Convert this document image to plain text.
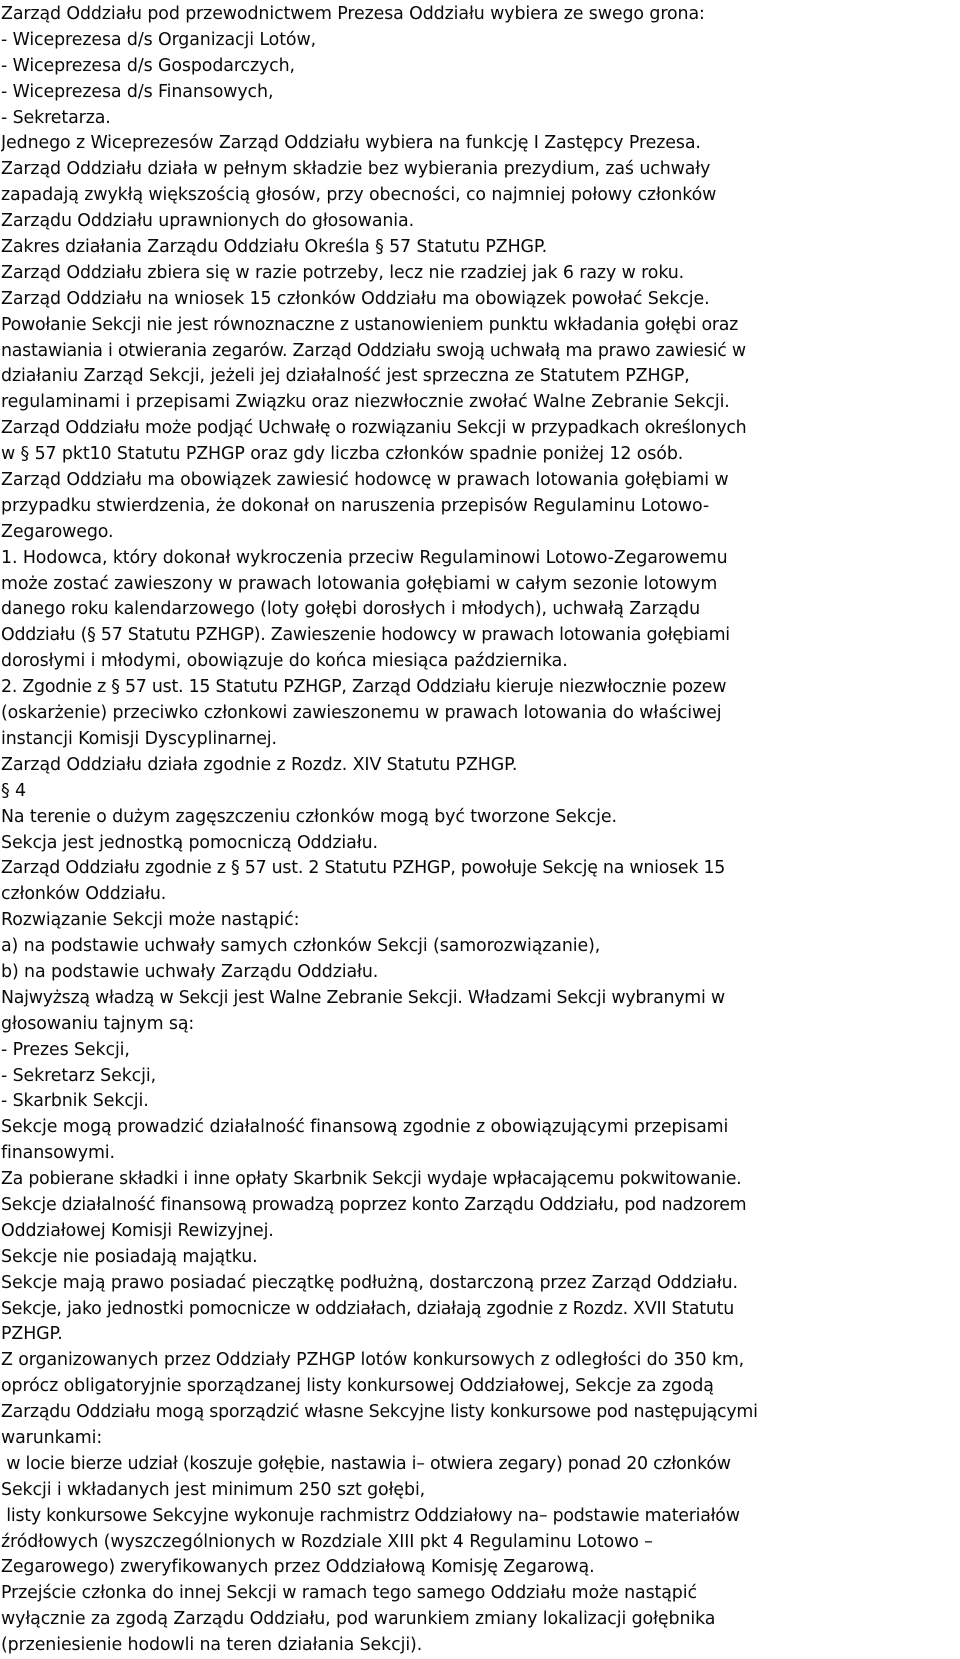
Zarząd Oddziału pod przewodnictwem Prezesa Oddziału wybiera ze swego grona:
- Wiceprezesa d/s Organizacji Lotów,
- Wiceprezesa d/s Gospodarczych,
- Wiceprezesa d/s Finansowych,
- Sekretarza.
Jednego z Wiceprezesów Zarząd Oddziału wybiera na funkcję I Zastępcy Prezesa.
Zarząd Oddziału działa w pełnym składzie bez wybierania prezydium, zaś uchwały
zapadają zwykłą większością głosów, przy obecności, co najmniej połowy członków
Zarządu Oddziału uprawnionych do głosowania.
Zakres działania Zarządu Oddziału Określa § 57 Statutu PZHGP.
Zarząd Oddziału zbiera się w razie potrzeby, lecz nie rzadziej jak 6 razy w roku.
Zarząd Oddziału na wniosek 15 członków Oddziału ma obowiązek powołać Sekcje.
Powołanie Sekcji nie jest równoznaczne z ustanowieniem punktu wkładania gołębi oraz
nastawiania i otwierania zegarów. Zarząd Oddziału swoją uchwałą ma prawo zawiesić w
działaniu Zarząd Sekcji, jeżeli jej działalność jest sprzeczna ze Statutem PZHGP,
regulaminami i przepisami Związku oraz niezwłocznie zwołać Walne Zebranie Sekcji.
Zarząd Oddziału może podjąć Uchwałę o rozwiązaniu Sekcji w przypadkach określonych
w § 57 pkt10 Statutu PZHGP oraz gdy liczba członków spadnie poniżej 12 osób.
Zarząd Oddziału ma obowiązek zawiesić hodowcę w prawach lotowania gołębiami w
przypadku stwierdzenia, że dokonał on naruszenia przepisów Regulaminu Lotowo-
Zegarowego.
1. Hodowca, który dokonał wykroczenia przeciw Regulaminowi Lotowo-Zegarowemu
może zostać zawieszony w prawach lotowania gołębiami w całym sezonie lotowym
danego roku kalendarzowego (loty gołębi dorosłych i młodych), uchwałą Zarządu
Oddziału (§ 57 Statutu PZHGP). Zawieszenie hodowcy w prawach lotowania gołębiami
dorosłymi i młodymi, obowiązuje do końca miesiąca października.
2. Zgodnie z § 57 ust. 15 Statutu PZHGP, Zarząd Oddziału kieruje niezwłocznie pozew
(oskarżenie) przeciwko członkowi zawieszonemu w prawach lotowania do właściwej
instancji Komisji Dyscyplinarnej.
Zarząd Oddziału działa zgodnie z Rozdz. XIV Statutu PZHGP.
§ 4
Na terenie o dużym zagęszczeniu członków mogą być tworzone Sekcje.
Sekcja jest jednostką pomocniczą Oddziału.
Zarząd Oddziału zgodnie z § 57 ust. 2 Statutu PZHGP, powołuje Sekcję na wniosek 15
członków Oddziału.
Rozwiązanie Sekcji może nastąpić:
a) na podstawie uchwały samych członków Sekcji (samorozwiązanie),
b) na podstawie uchwały Zarządu Oddziału.
Najwyższą władzą w Sekcji jest Walne Zebranie Sekcji. Władzami Sekcji wybranymi w
głosowaniu tajnym są:
- Prezes Sekcji,
- Sekretarz Sekcji,
- Skarbnik Sekcji.
Sekcje mogą prowadzić działalność finansową zgodnie z obowiązującymi przepisami
finansowymi.
Za pobierane składki i inne opłaty Skarbnik Sekcji wydaje wpłacającemu pokwitowanie.
Sekcje działalność finansową prowadzą poprzez konto Zarządu Oddziału, pod nadzorem
Oddziałowej Komisji Rewizyjnej.
Sekcje nie posiadają majątku.
Sekcje mają prawo posiadać pieczątkę podłużną, dostarczoną przez Zarząd Oddziału.
Sekcje, jako jednostki pomocnicze w oddziałach, działają zgodnie z Rozdz. XVII Statutu
PZHGP.
Z organizowanych przez Oddziały PZHGP lotów konkursowych z odległości do 350 km,
oprócz obligatoryjnie sporządzanej listy konkursowej Oddziałowej, Sekcje za zgodą
Zarządu Oddziału mogą sporządzić własne Sekcyjne listy konkursowe pod następującymi
warunkami:
w locie bierze udział (koszuje gołębie, nastawia i– otwiera zegary) ponad 20 członków
Sekcji i wkładanych jest minimum 250 szt gołębi,
listy konkursowe Sekcyjne wykonuje rachmistrz Oddziałowy na– podstawie materiałów
źródłowych (wyszczególnionych w Rozdziale XIII pkt 4 Regulaminu Lotowo –
Zegarowego) zweryfikowanych przez Oddziałową Komisję Zegarową.
Przejście członka do innej Sekcji w ramach tego samego Oddziału może nastąpić
wyłącznie za zgodą Zarządu Oddziału, pod warunkiem zmiany lokalizacji gołębnika
(przeniesienie hodowli na teren działania Sekcji).
